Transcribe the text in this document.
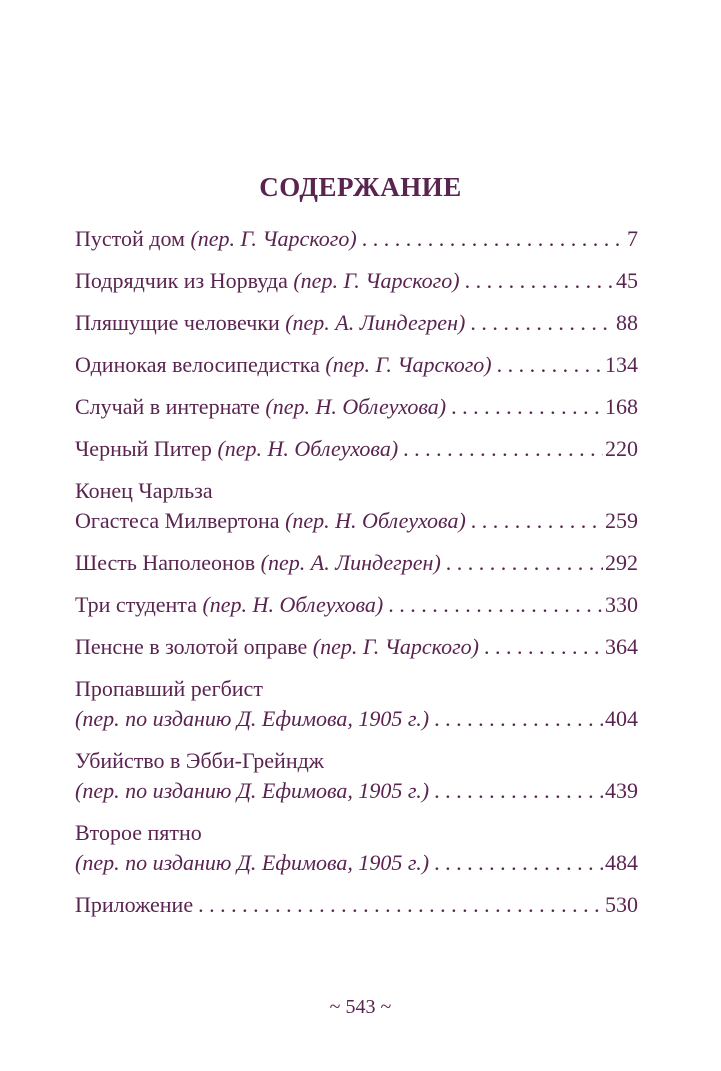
СОДЕРЖАНИЕ
Пустой дом (пер. Г. Чарского) . . .	7
Подрядчик из Норвуда (пер. Г. Чарского) . . .	45
Пляшущие человечки (пер. А. Линдегрен) . . .	88
Одинокая велосипедистка (пер. Г. Чарского) . . .	134
Случай в интернате (пер. Н. Облеухова) . . .	168
Черный Питер (пер. Н. Облеухова) . . .	220
Конец Чарльза
Огастеса Милвертона (пер. Н. Облеухова) . . .	259
Шесть Наполеонов (пер. А. Линдегрен) . . .	292
Три студента (пер. Н. Облеухова) . . .	330
Пенсне в золотой оправе (пер. Г. Чарского) . . .	364
Пропавший регбист
(пер. по изданию Д. Ефимова, 1905 г.) . . .	404
Убийство в Эбби-Грейндж
(пер. по изданию Д. Ефимова, 1905 г.) . . .	439
Второе пятно
(пер. по изданию Д. Ефимова, 1905 г.) . . .	484
Приложение . . .	530
~ 543 ~
